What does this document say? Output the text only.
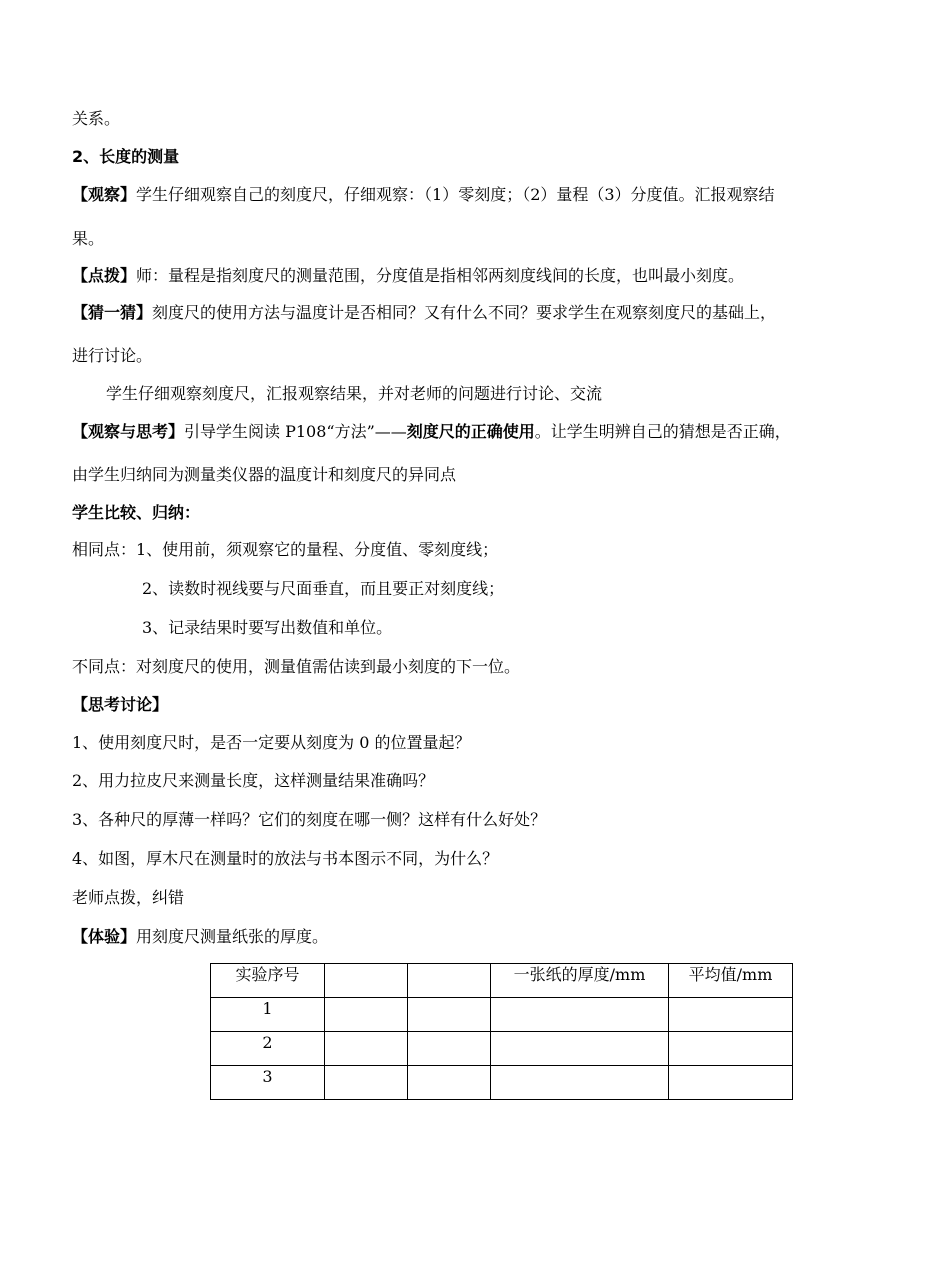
关系。
2、长度的测量
【观察】学生仔细观察自己的刻度尺，仔细观察：（1）零刻度；（2）量程（3）分度值。汇报观察结
果。
【点拨】师：量程是指刻度尺的测量范围，分度值是指相邻两刻度线间的长度，也叫最小刻度。
【猜一猜】刻度尺的使用方法与温度计是否相同？又有什么不同？要求学生在观察刻度尺的基础上，
进行讨论。
学生仔细观察刻度尺，汇报观察结果，并对老师的问题进行讨论、交流
【观察与思考】引导学生阅读 P108“方法”——刻度尺的正确使用。让学生明辨自己的猜想是否正确，
由学生归纳同为测量类仪器的温度计和刻度尺的异同点
学生比较、归纳：
相同点：1、使用前，须观察它的量程、分度值、零刻度线；
2、读数时视线要与尺面垂直，而且要正对刻度线；
3、记录结果时要写出数值和单位。
不同点：对刻度尺的使用，测量值需估读到最小刻度的下一位。
【思考讨论】
1、使用刻度尺时，是否一定要从刻度为 0 的位置量起？
2、用力拉皮尺来测量长度，这样测量结果准确吗？
3、各种尺的厚薄一样吗？它们的刻度在哪一侧？这样有什么好处？
4、如图，厚木尺在测量时的放法与书本图示不同，为什么？
老师点拨，纠错
【体验】用刻度尺测量纸张的厚度。
实验序号			一张纸的厚度/mm	平均值/mm
1				
2				
3				
